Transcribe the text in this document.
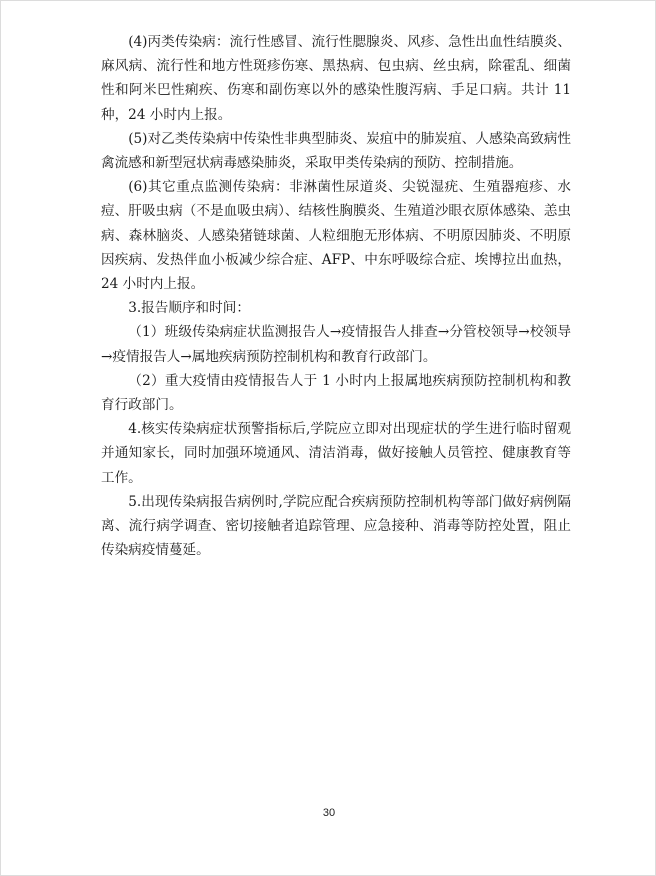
(4)丙类传染病：流行性感冒、流行性腮腺炎、风疹、急性出血性结膜炎、麻风病、流行性和地方性斑疹伤寒、黑热病、包虫病、丝虫病，除霍乱、细菌性和阿米巴性痢疾、伤寒和副伤寒以外的感染性腹泻病、手足口病。共计 11 种，24 小时内上报。

(5)对乙类传染病中传染性非典型肺炎、炭疽中的肺炭疽、人感染高致病性禽流感和新型冠状病毒感染肺炎，采取甲类传染病的预防、控制措施。

(6)其它重点监测传染病：非淋菌性尿道炎、尖锐湿疣、生殖器疱疹、水痘、肝吸虫病（不是血吸虫病）、结核性胸膜炎、生殖道沙眼衣原体感染、恙虫病、森林脑炎、人感染猪链球菌、人粒细胞无形体病、不明原因肺炎、不明原因疾病、发热伴血小板减少综合症、AFP、中东呼吸综合症、埃博拉出血热，24 小时内上报。

3.报告顺序和时间：

（1）班级传染病症状监测报告人→疫情报告人排查→分管校领导→校领导→疫情报告人→属地疾病预防控制机构和教育行政部门。

（2）重大疫情由疫情报告人于 1 小时内上报属地疾病预防控制机构和教育行政部门。

4.核实传染病症状预警指标后,学院应立即对出现症状的学生进行临时留观并通知家长，同时加强环境通风、清洁消毒，做好接触人员管控、健康教育等工作。

5.出现传染病报告病例时,学院应配合疾病预防控制机构等部门做好病例隔离、流行病学调查、密切接触者追踪管理、应急接种、消毒等防控处置，阻止传染病疫情蔓延。

30
